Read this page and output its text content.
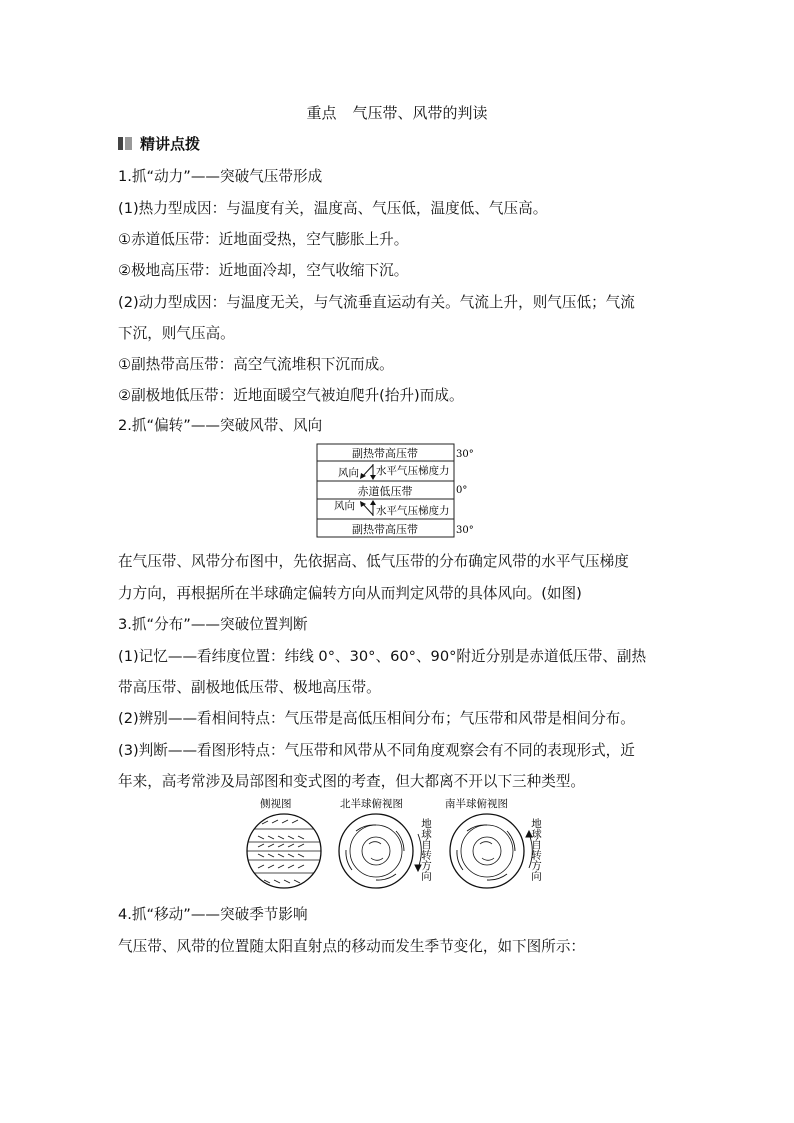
重点 气压带、风带的判读
精讲点拨
1.抓“动力”——突破气压带形成
(1)热力型成因：与温度有关，温度高、气压低，温度低、气压高。
①赤道低压带：近地面受热，空气膨胀上升。
②极地高压带：近地面冷却，空气收缩下沉。
(2)动力型成因：与温度无关，与气流垂直运动有关。气流上升，则气压低；气流
下沉，则气压高。
①副热带高压带：高空气流堆积下沉而成。
②副极地低压带：近地面暖空气被迫爬升(抬升)而成。
2.抓“偏转”——突破风带、风向
副热带高压带
赤道低压带
副热带高压带
风向 水平气压梯度力
风向 水平气压梯度力
30°
0°
30°
在气压带、风带分布图中，先依据高、低气压带的分布确定风带的水平气压梯度
力方向，再根据所在半球确定偏转方向从而判定风带的具体风向。(如图)
3.抓“分布”——突破位置判断
(1)记忆——看纬度位置：纬线 0°、30°、60°、90°附近分别是赤道低压带、副热
带高压带、副极地低压带、极地高压带。
(2)辨别——看相间特点：气压带是高低压相间分布；气压带和风带是相间分布。
(3)判断——看图形特点：气压带和风带从不同角度观察会有不同的表现形式，近
年来，高考常涉及局部图和变式图的考查，但大都离不开以下三种类型。
侧视图	北半球俯视图	南半球俯视图
地球自转方向	地球自转方向
4.抓“移动”——突破季节影响
气压带、风带的位置随太阳直射点的移动而发生季节变化，如下图所示：
